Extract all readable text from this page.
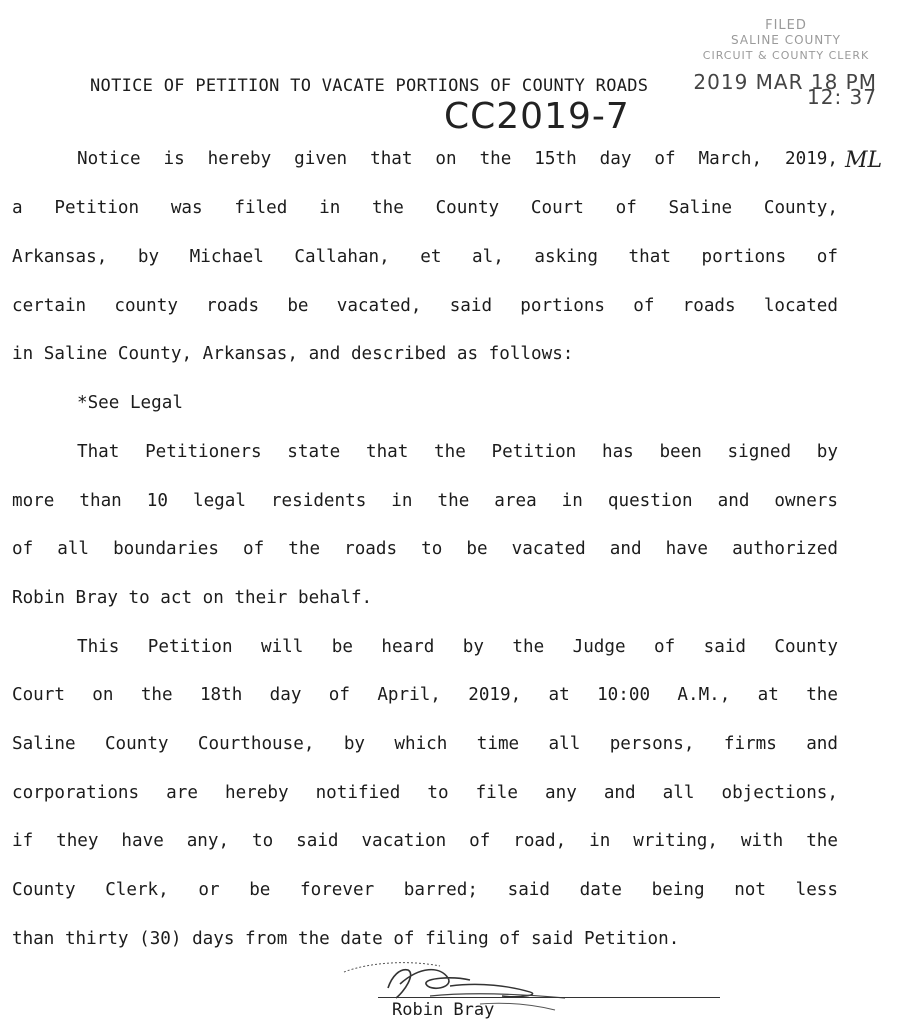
FILED
SALINE COUNTY
CIRCUIT & COUNTY CLERK
2019 MAR 18 PM 12: 37
NOTICE OF PETITION TO VACATE PORTIONS OF COUNTY ROADS
CC2019-7
Notice is hereby given that on the 15th day of March, 2019, ML
a Petition was filed in the County Court of Saline County,
Arkansas, by Michael Callahan, et al, asking that portions of
certain county roads be vacated, said portions of roads located
in Saline County, Arkansas, and described as follows:
*See Legal
That Petitioners state that the Petition has been signed by
more than 10 legal residents in the area in question and owners
of all boundaries of the roads to be vacated and have authorized
Robin Bray to act on their behalf.
This Petition will be heard by the Judge of said County
Court on the 18th day of April, 2019, at 10:00 A.M., at the
Saline County Courthouse, by which time all persons, firms and
corporations are hereby notified to file any and all objections,
if they have any, to said vacation of road, in writing, with the
County Clerk, or be forever barred; said date being not less
than thirty (30) days from the date of filing of said Petition.
Robin Bray
